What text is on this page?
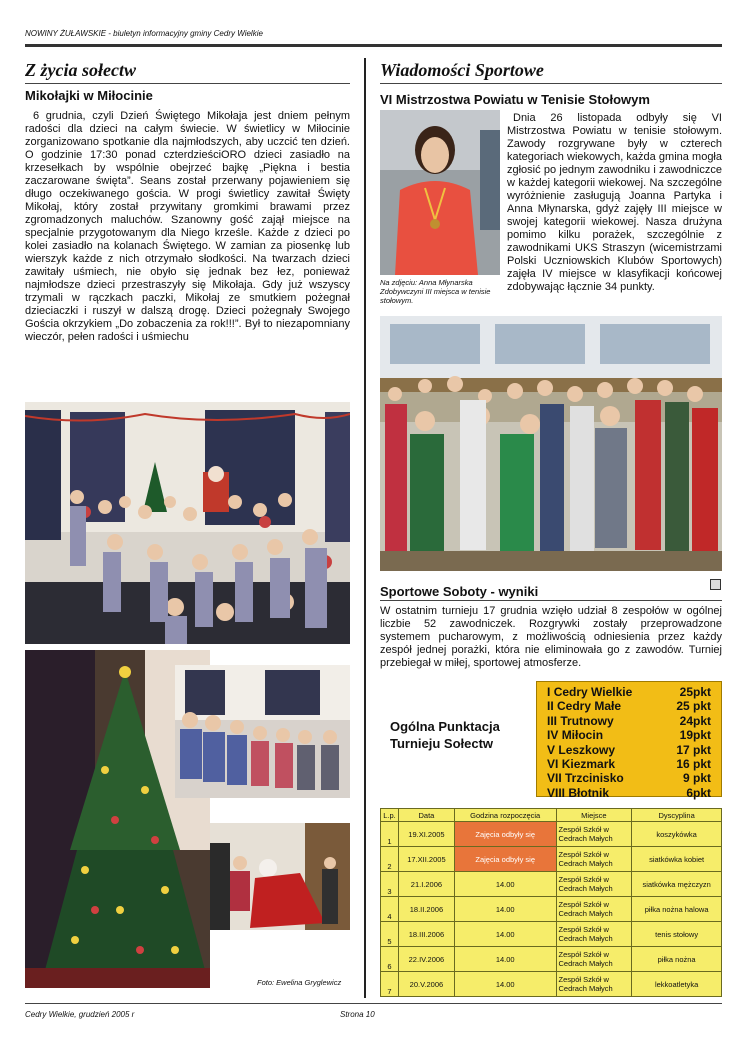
NOWINY ŻUŁAWSKIE - biuletyn informacyjny gminy Cedry Wielkie
Z życia sołectw
Mikołajki w Miłocinie

6 grudnia, czyli Dzień Świętego Mikołaja jest dniem pełnym radości dla dzieci na całym świecie. W świetlicy w Miłocinie zorganizowano spotkanie dla najmłodszych, aby uczcić ten dzień. O godzinie 17:30 ponad czterdzieściORO dzieci zasiadło na krzesełkach by wspólnie obejrzeć bajkę „Piękna i bestia zaczarowane święta”. Seans został przerwany pojawieniem się długo oczekiwanego gościa. W progi świetlicy zawitał Święty Mikołaj, który został przywitany gromkimi brawami przez zgromadzonych maluchów. Szanowny gość zajął miejsce na specjalnie przygotowanym dla Niego krześle. Każde z dzieci po kolei zasiadło na kolanach Świętego. W zamian za piosenkę lub wierszyk każde z nich otrzymało słodkości. Na twarzach dzieci zawitały uśmiech, nie obyło się jednak bez łez, ponieważ najmłodsze dzieci przestraszyły się Mikołaja. Gdy już wszyscy trzymali w rączkach paczki, Mikołaj ze smutkiem pożegnał dzieciaczki i ruszył w dalszą drogę. Dzieci pożegnały Swojego Gościa okrzykiem „Do zobaczenia za rok!!!”. Był to niezapomniany wieczór, pełen radości i uśmiechu

Foto: Ewelina Gryglewicz
Wiadomości Sportowe
VI Mistrzostwa Powiatu w Tenisie Stołowym
Na zdjęciu: Anna Młynarska Zdobywczyni III miejsca w tenisie stołowym.

Dnia 26 listopada odbyły się VI Mistrzostwa Powiatu w tenisie stołowym. Zawody rozgrywane były w czterech kategoriach wiekowych, każda gmina mogła zgłosić po jednym zawodniku i zawodniczce w każdej kategorii wiekowej. Na szczególne wyróżnienie zasługują Joanna Partyka i Anna Młynarska, gdyż zajęły III miejsce w swojej kategorii wiekowej. Nasza drużyna pomimo kilku porażek, szczególnie z zawodnikami UKS Straszyn (wicemistrzami Polski Uczniowskich Klubów Sportowych) zajęła IV miejsce w klasyfikacji końcowej zdobywając łącznie 34 punkty.

Sportowe Soboty - wyniki

W ostatnim turnieju 17 grudnia wzięło udział 8 zespołów w ogólnej liczbie 52 zawodniczek. Rozgrywki zostały przeprowadzone systemem pucharowym, z możliwością odniesienia przez każdy zespół jednej porażki, która nie eliminowała go z zawodów. Turniej przebiegał w miłej, sportowej atmosferze.

Ogólna Punktacja
Turnieju Sołectw
I Cedry Wielkie	25pkt
II Cedry Małe	25 pkt
III Trutnowy	24pkt
IV Miłocin	19pkt
V Leszkowy	17 pkt
VI Kiezmark	16 pkt
VII Trzcinisko	9 pkt
VIII Błotnik	6pkt
L.p.	Data	Godzina rozpoczęcia	Miejsce	Dyscyplina
1	19.XI.2005	Zajęcia odbyły się	Zespół Szkół w Cedrach Małych	koszykówka
2	17.XII.2005	Zajęcia odbyły się	Zespół Szkół w Cedrach Małych	siatkówka kobiet
3	21.I.2006	14.00	Zespół Szkół w Cedrach Małych	siatkówka mężczyzn
4	18.II.2006	14.00	Zespół Szkół w Cedrach Małych	piłka nożna halowa
5	18.III.2006	14.00	Zespół Szkół w Cedrach Małych	tenis stołowy
6	22.IV.2006	14.00	Zespół Szkół w Cedrach Małych	piłka nożna
7	20.V.2006	14.00	Zespół Szkół w Cedrach Małych	lekkoatletyka
Cedry Wielkie, grudzień 2005 r	Strona 10
